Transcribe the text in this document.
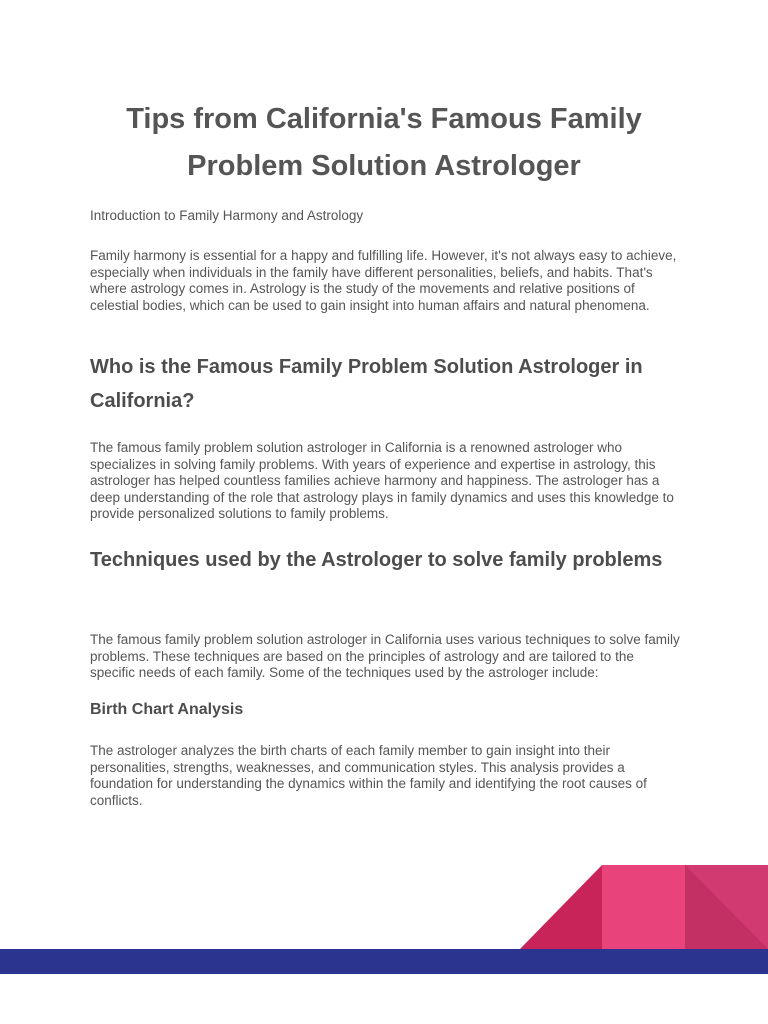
Tips from California's Famous Family Problem Solution Astrologer

Introduction to Family Harmony and Astrology

Family harmony is essential for a happy and fulfilling life. However, it's not always easy to achieve, especially when individuals in the family have different personalities, beliefs, and habits. That's where astrology comes in. Astrology is the study of the movements and relative positions of celestial bodies, which can be used to gain insight into human affairs and natural phenomena.

Who is the Famous Family Problem Solution Astrologer in California?

The famous family problem solution astrologer in California is a renowned astrologer who specializes in solving family problems. With years of experience and expertise in astrology, this astrologer has helped countless families achieve harmony and happiness. The astrologer has a deep understanding of the role that astrology plays in family dynamics and uses this knowledge to provide personalized solutions to family problems.

Techniques used by the Astrologer to solve family problems

The famous family problem solution astrologer in California uses various techniques to solve family problems. These techniques are based on the principles of astrology and are tailored to the specific needs of each family. Some of the techniques used by the astrologer include:

Birth Chart Analysis

The astrologer analyzes the birth charts of each family member to gain insight into their personalities, strengths, weaknesses, and communication styles. This analysis provides a foundation for understanding the dynamics within the family and identifying the root causes of conflicts.
